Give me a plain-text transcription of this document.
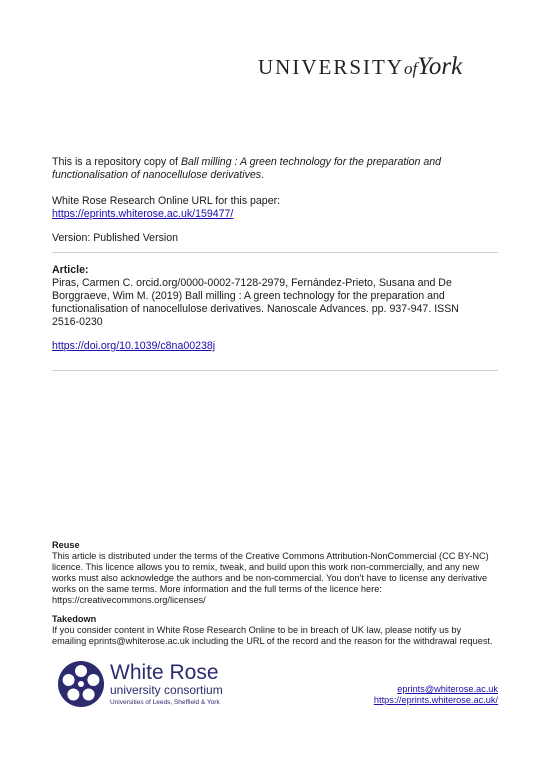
UNIVERSITYofYork
This is a repository copy of Ball milling : A green technology for the preparation and
functionalisation of nanocellulose derivatives.
White Rose Research Online URL for this paper:
https://eprints.whiterose.ac.uk/159477/
Version: Published Version
Article:
Piras, Carmen C. orcid.org/0000-0002-7128-2979, Fernández-Prieto, Susana and De
Borggraeve, Wim M. (2019) Ball milling : A green technology for the preparation and
functionalisation of nanocellulose derivatives. Nanoscale Advances. pp. 937-947. ISSN
2516-0230
https://doi.org/10.1039/c8na00238j
Reuse
This article is distributed under the terms of the Creative Commons Attribution-NonCommercial (CC BY-NC)
licence. This licence allows you to remix, tweak, and build upon this work non-commercially, and any new
works must also acknowledge the authors and be non-commercial. You don’t have to license any derivative
works on the same terms. More information and the full terms of the licence here:
https://creativecommons.org/licenses/
Takedown
If you consider content in White Rose Research Online to be in breach of UK law, please notify us by
emailing eprints@whiterose.ac.uk including the URL of the record and the reason for the withdrawal request.
White Rose
university consortium
Universities of Leeds, Sheffield & York
eprints@whiterose.ac.uk
https://eprints.whiterose.ac.uk/
